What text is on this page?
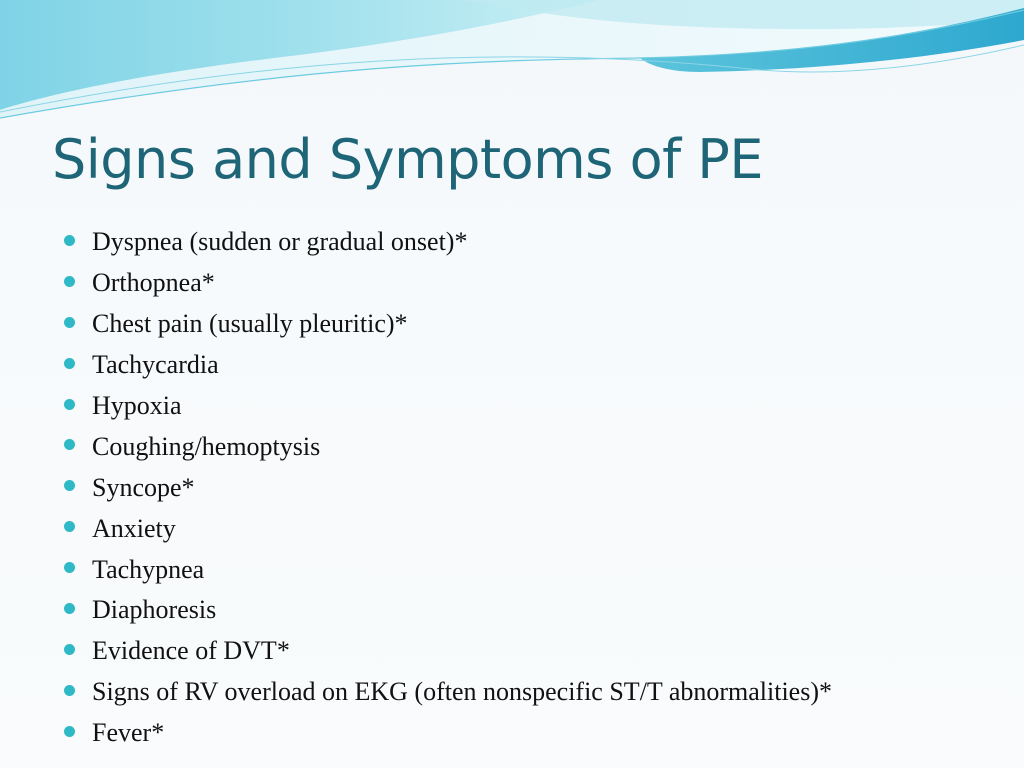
Signs and Symptoms of PE
Dyspnea (sudden or gradual onset)*
Orthopnea*
Chest pain (usually pleuritic)*
Tachycardia
Hypoxia
Coughing/hemoptysis
Syncope*
Anxiety
Tachypnea
Diaphoresis
Evidence of DVT*
Signs of RV overload on EKG (often nonspecific ST/T abnormalities)*
Fever*
